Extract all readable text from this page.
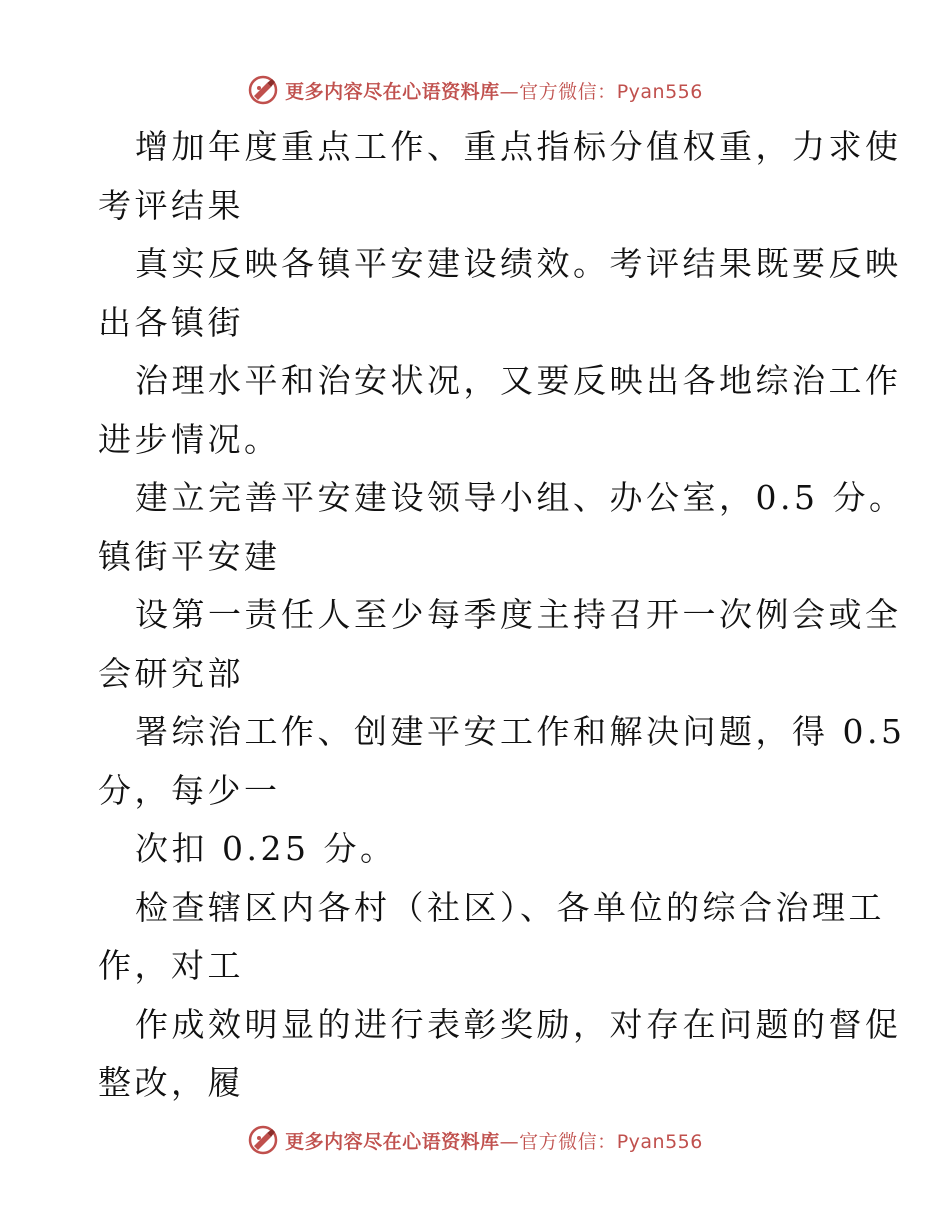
更多内容尽在心语资料库—官方微信：Pyan556
增加年度重点工作、重点指标分值权重，力求使
考评结果
真实反映各镇平安建设绩效。考评结果既要反映
出各镇街
治理水平和治安状况，又要反映出各地综治工作
进步情况。
建立完善平安建设领导小组、办公室，0.5 分。
镇街平安建
设第一责任人至少每季度主持召开一次例会或全
会研究部
署综治工作、创建平安工作和解决问题，得 0.5
分，每少一
次扣 0.25 分。
检查辖区内各村（社区）、各单位的综合治理工
作，对工
作成效明显的进行表彰奖励，对存在问题的督促
整改，履
更多内容尽在心语资料库—官方微信：Pyan556
